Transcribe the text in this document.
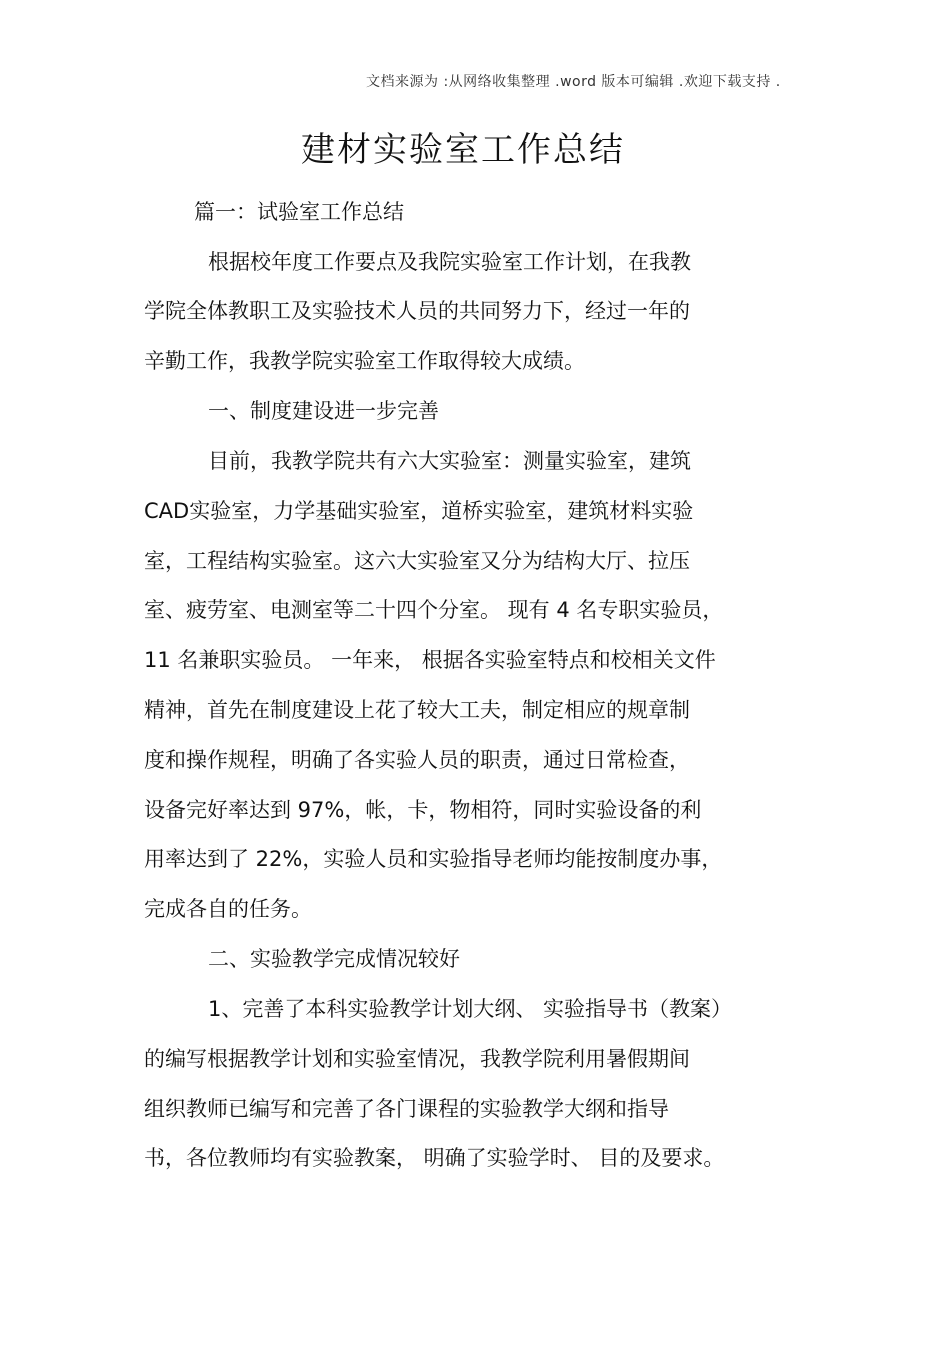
文档来源为 :从网络收集整理 .word 版本可编辑 .欢迎下载支持 .
建材实验室工作总结
篇一：试验室工作总结
根据校年度工作要点及我院实验室工作计划，在我教
学院全体教职工及实验技术人员的共同努力下，经过一年的
辛勤工作，我教学院实验室工作取得较大成绩。
一、制度建设进一步完善
目前，我教学院共有六大实验室：测量实验室，建筑
CAD实验室，力学基础实验室，道桥实验室，建筑材料实验
室，工程结构实验室。这六大实验室又分为结构大厅、拉压
室、疲劳室、电测室等二十四个分室。 现有 4 名专职实验员，
11 名兼职实验员。 一年来， 根据各实验室特点和校相关文件
精神，首先在制度建设上花了较大工夫，制定相应的规章制
度和操作规程，明确了各实验人员的职责，通过日常检查，
设备完好率达到 97%，帐，卡，物相符，同时实验设备的利
用率达到了 22%，实验人员和实验指导老师均能按制度办事，
完成各自的任务。
二、实验教学完成情况较好
1、完善了本科实验教学计划大纲、 实验指导书（教案）
的编写根据教学计划和实验室情况，我教学院利用暑假期间
组织教师已编写和完善了各门课程的实验教学大纲和指导
书，各位教师均有实验教案， 明确了实验学时、 目的及要求。
